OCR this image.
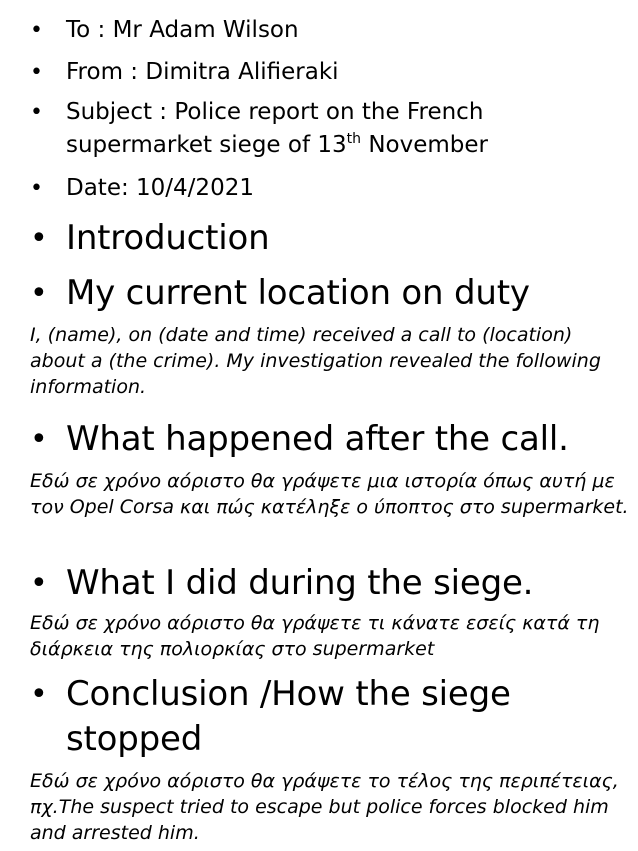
•	To : Mr Adam Wilson
•	From : Dimitra Alifieraki
•	Subject : Police report on the French
supermarket siege of 13th November
•	Date: 10/4/2021
• Introduction
• My current location on duty
I, (name), on (date and time) received a call to (location) about a (the crime). My investigation revealed the following information.
• What happened after the call.
Εδώ σε χρόνο αόριστο θα γράψετε μια ιστορία όπως αυτή με τον Opel Corsa και πώς κατέληξε ο ύποπτος στο supermarket.
• What I did during the siege.
Εδώ σε χρόνο αόριστο θα γράψετε τι κάνατε εσείς κατά τη διάρκεια της πολιορκίας στο supermarket
• Conclusion /How the siege
stopped
Εδώ σε χρόνο αόριστο θα γράψετε το τέλος της περιπέτειας, πχ.The suspect tried to escape but police forces blocked him and arrested him.
